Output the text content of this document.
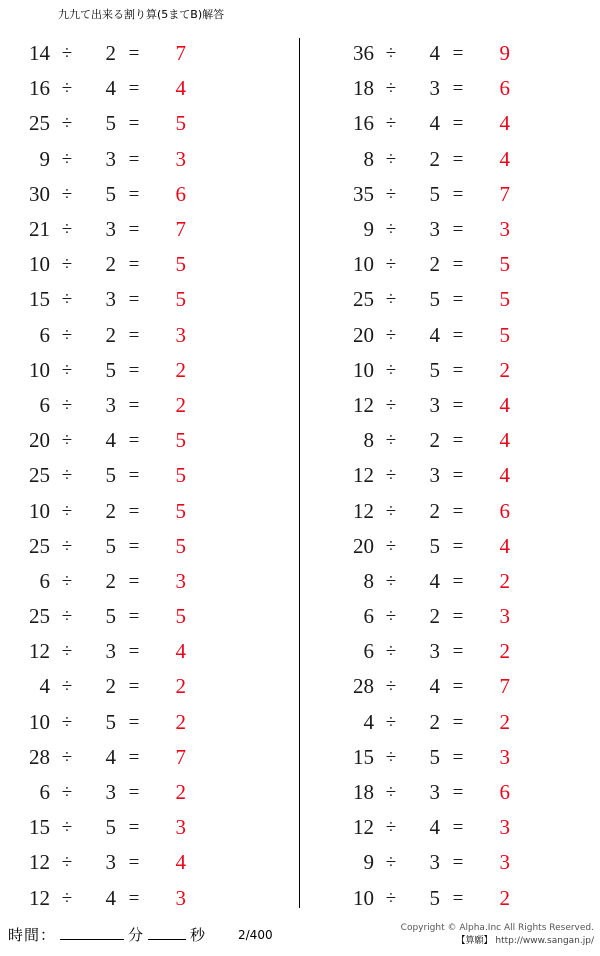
九九て出来る割り算(5まてB)解答
14 ÷	2 =	7
16 ÷	4 =	4
25 ÷	5 =	5
9 ÷	3 =	3
30 ÷	5 =	6
21 ÷	3 =	7
10 ÷	2 =	5
15 ÷	3 =	5
6 ÷	2 =	3
10 ÷	5 =	2
6 ÷	3 =	2
20 ÷	4 =	5
25 ÷	5 =	5
10 ÷	2 =	5
25 ÷	5 =	5
6 ÷	2 =	3
25 ÷	5 =	5
12 ÷	3 =	4
4 ÷	2 =	2
10 ÷	5 =	2
28 ÷	4 =	7
6 ÷	3 =	2
15 ÷	5 =	3
12 ÷	3 =	4
12 ÷	4 =	3
36 ÷	4 =	9
18 ÷	3 =	6
16 ÷	4 =	4
8 ÷	2 =	4
35 ÷	5 =	7
9 ÷	3 =	3
10 ÷	2 =	5
25 ÷	5 =	5
20 ÷	4 =	5
10 ÷	5 =	2
12 ÷	3 =	4
8 ÷	2 =	4
12 ÷	3 =	4
12 ÷	2 =	6
20 ÷	5 =	4
8 ÷	4 =	2
6 ÷	2 =	3
6 ÷	3 =	2
28 ÷	4 =	7
4 ÷	2 =	2
15 ÷	5 =	3
18 ÷	3 =	6
12 ÷	4 =	3
9 ÷	3 =	3
10 ÷	5 =	2
時間：	分	秒	2/400	Copyright © Alpha.Inc All Rights Reserved.
【算願】 http://www.sangan.jp/
